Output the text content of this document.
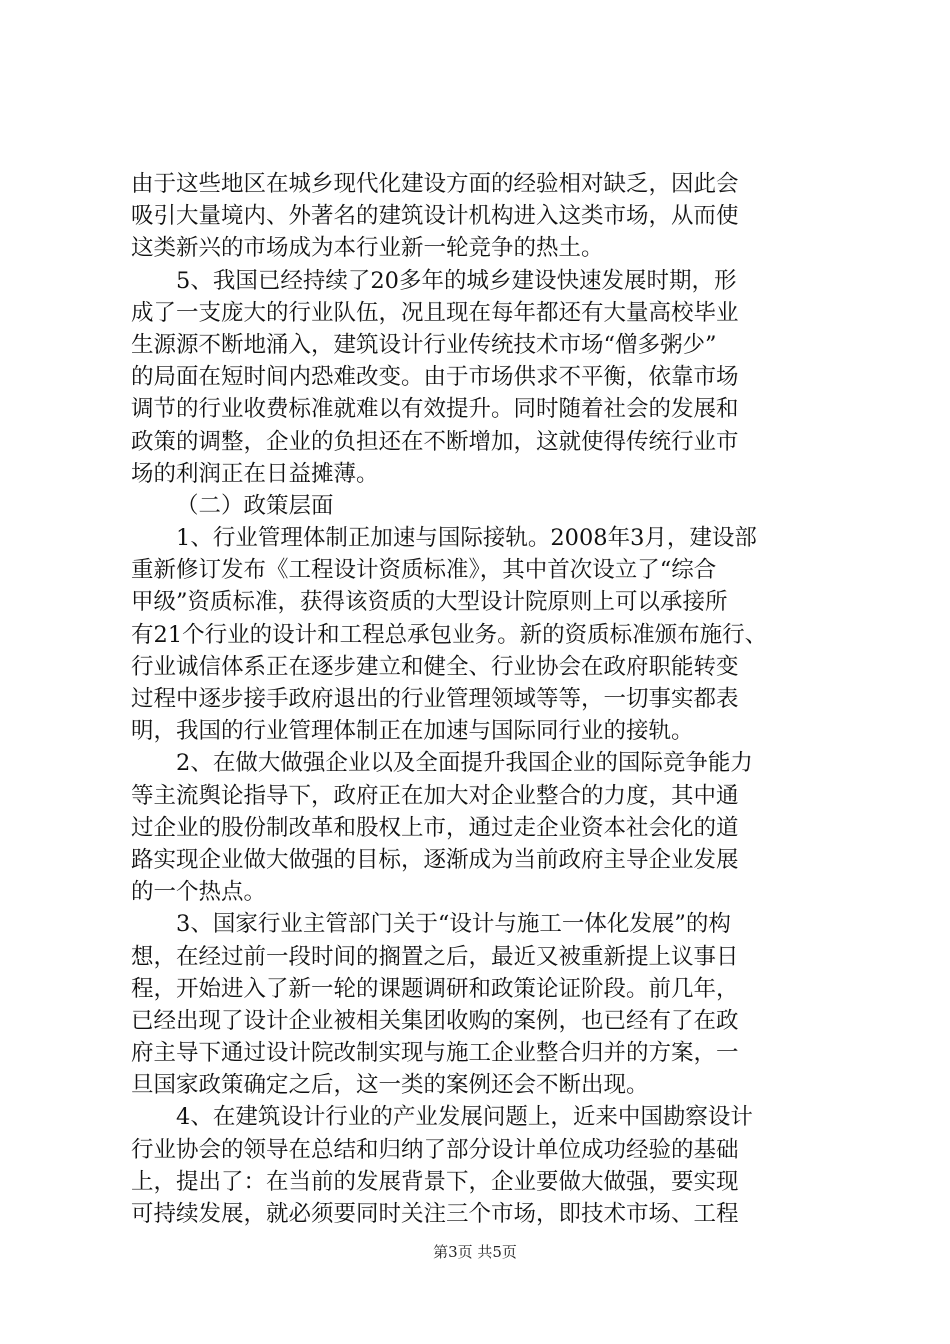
由于这些地区在城乡现代化建设方面的经验相对缺乏，因此会
吸引大量境内、外著名的建筑设计机构进入这类市场，从而使
这类新兴的市场成为本行业新一轮竞争的热土。
5、我国已经持续了20多年的城乡建设快速发展时期，形
成了一支庞大的行业队伍，况且现在每年都还有大量高校毕业
生源源不断地涌入，建筑设计行业传统技术市场“僧多粥少”
的局面在短时间内恐难改变。由于市场供求不平衡，依靠市场
调节的行业收费标准就难以有效提升。同时随着社会的发展和
政策的调整，企业的负担还在不断增加，这就使得传统行业市
场的利润正在日益摊薄。
（二）政策层面
1、行业管理体制正加速与国际接轨。2008年3月，建设部
重新修订发布《工程设计资质标准》，其中首次设立了“综合
甲级”资质标准，获得该资质的大型设计院原则上可以承接所
有21个行业的设计和工程总承包业务。新的资质标准颁布施行、
行业诚信体系正在逐步建立和健全、行业协会在政府职能转变
过程中逐步接手政府退出的行业管理领域等等，一切事实都表
明，我国的行业管理体制正在加速与国际同行业的接轨。
2、在做大做强企业以及全面提升我国企业的国际竞争能力
等主流舆论指导下，政府正在加大对企业整合的力度，其中通
过企业的股份制改革和股权上市，通过走企业资本社会化的道
路实现企业做大做强的目标，逐渐成为当前政府主导企业发展
的一个热点。
3、国家行业主管部门关于“设计与施工一体化发展”的构
想，在经过前一段时间的搁置之后，最近又被重新提上议事日
程，开始进入了新一轮的课题调研和政策论证阶段。前几年，
已经出现了设计企业被相关集团收购的案例，也已经有了在政
府主导下通过设计院改制实现与施工企业整合归并的方案，一
旦国家政策确定之后，这一类的案例还会不断出现。
4、在建筑设计行业的产业发展问题上，近来中国勘察设计
行业协会的领导在总结和归纳了部分设计单位成功经验的基础
上，提出了：在当前的发展背景下，企业要做大做强，要实现
可持续发展，就必须要同时关注三个市场，即技术市场、工程
第3页 共5页
